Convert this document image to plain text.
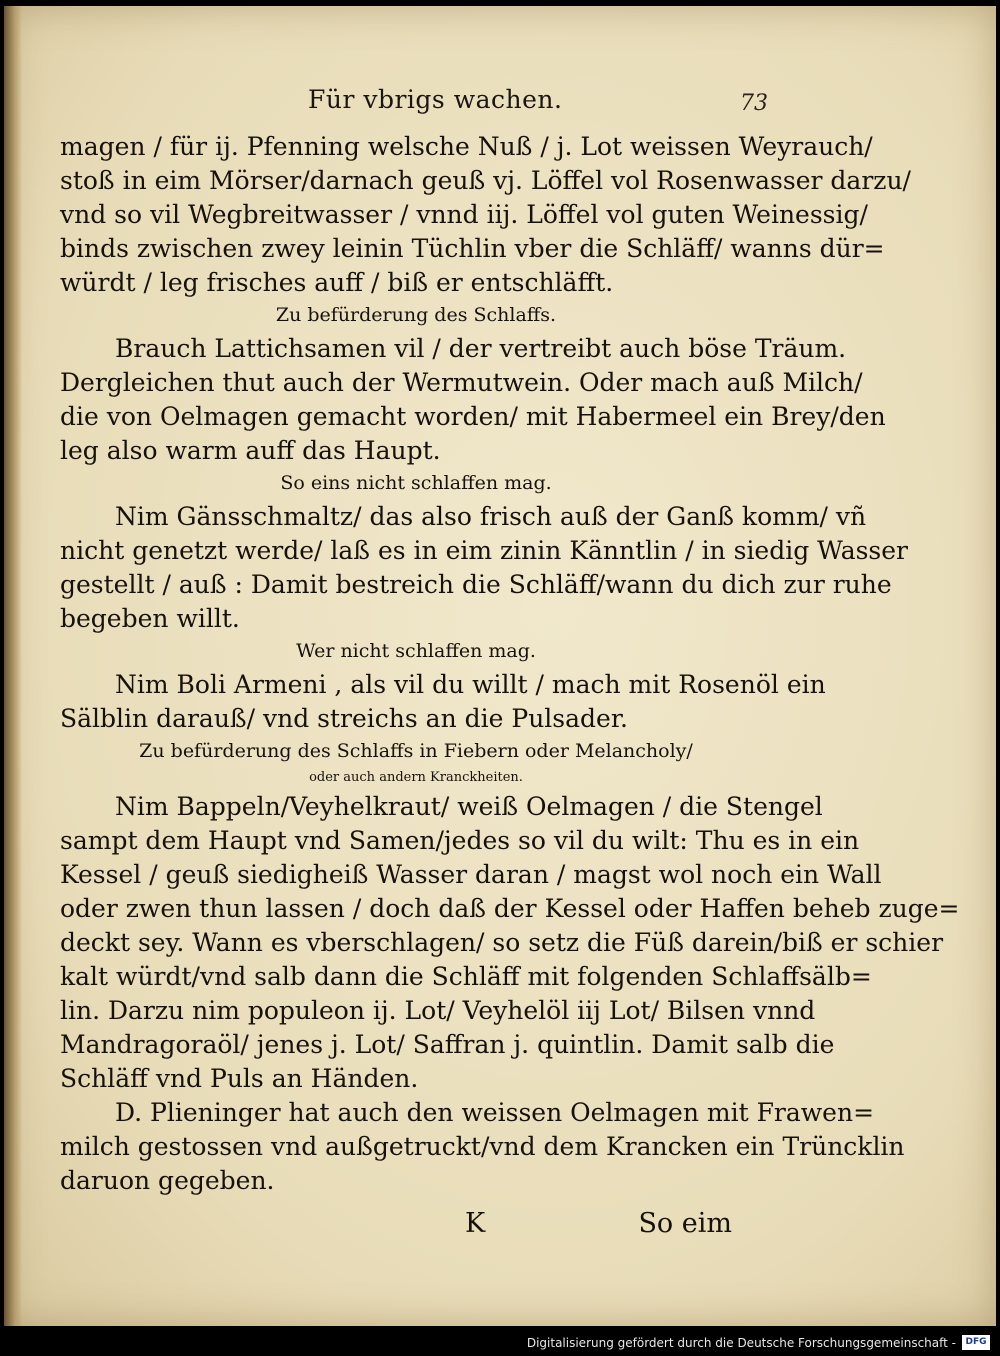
Für vbrigs wachen.	73
magen / für ij. Pfenning welsche Nuß / j. Lot weissen Weyrauch/
stoß in eim Mörser/darnach geuß vj. Löffel vol Rosenwasser darzu/
vnd so vil Wegbreitwasser / vnnd iij. Löffel vol guten Weinessig/
binds zwischen zwey leinin Tüchlin vber die Schläff/ wanns dür=
würdt / leg frisches auff / biß er entschläfft.
Zu befürderung des Schlaffs.
Brauch Lattichsamen vil / der vertreibt auch böse Träum.
Dergleichen thut auch der Wermutwein. Oder mach auß Milch/
die von Oelmagen gemacht worden/ mit Habermeel ein Brey/den
leg also warm auff das Haupt.
So eins nicht schlaffen mag.
Nim Gänsschmaltz/ das also frisch auß der Ganß komm/ vñ
nicht genetzt werde/ laß es in eim zinin Känntlin / in siedig Wasser
gestellt / auß : Damit bestreich die Schläff/wann du dich zur ruhe
begeben willt.
Wer nicht schlaffen mag.
Nim Boli Armeni , als vil du willt / mach mit Rosenöl ein
Sälblin darauß/ vnd streichs an die Pulsader.
Zu befürderung des Schlaffs in Fiebern oder Melancholy/
oder auch andern Kranckheiten.
Nim Bappeln/Veyhelkraut/ weiß Oelmagen / die Stengel
sampt dem Haupt vnd Samen/jedes so vil du wilt: Thu es in ein
Kessel / geuß siedigheiß Wasser daran / magst wol noch ein Wall
oder zwen thun lassen / doch daß der Kessel oder Haffen beheb zuge=
deckt sey. Wann es vberschlagen/ so setz die Füß darein/biß er schier
kalt würdt/vnd salb dann die Schläff mit folgenden Schlaffsälb=
lin. Darzu nim populeon ij. Lot/ Veyhelöl iij Lot/ Bilsen vnnd
Mandragoraöl/ jenes j. Lot/ Saffran j. quintlin. Damit salb die
Schläff vnd Puls an Händen.
D. Plieninger hat auch den weissen Oelmagen mit Frawen=
milch gestossen vnd außgetruckt/vnd dem Krancken ein Trüncklin
daruon gegeben.
K	So eim
Digitalisierung gefördert durch die Deutsche Forschungsgemeinschaft -	DFG
